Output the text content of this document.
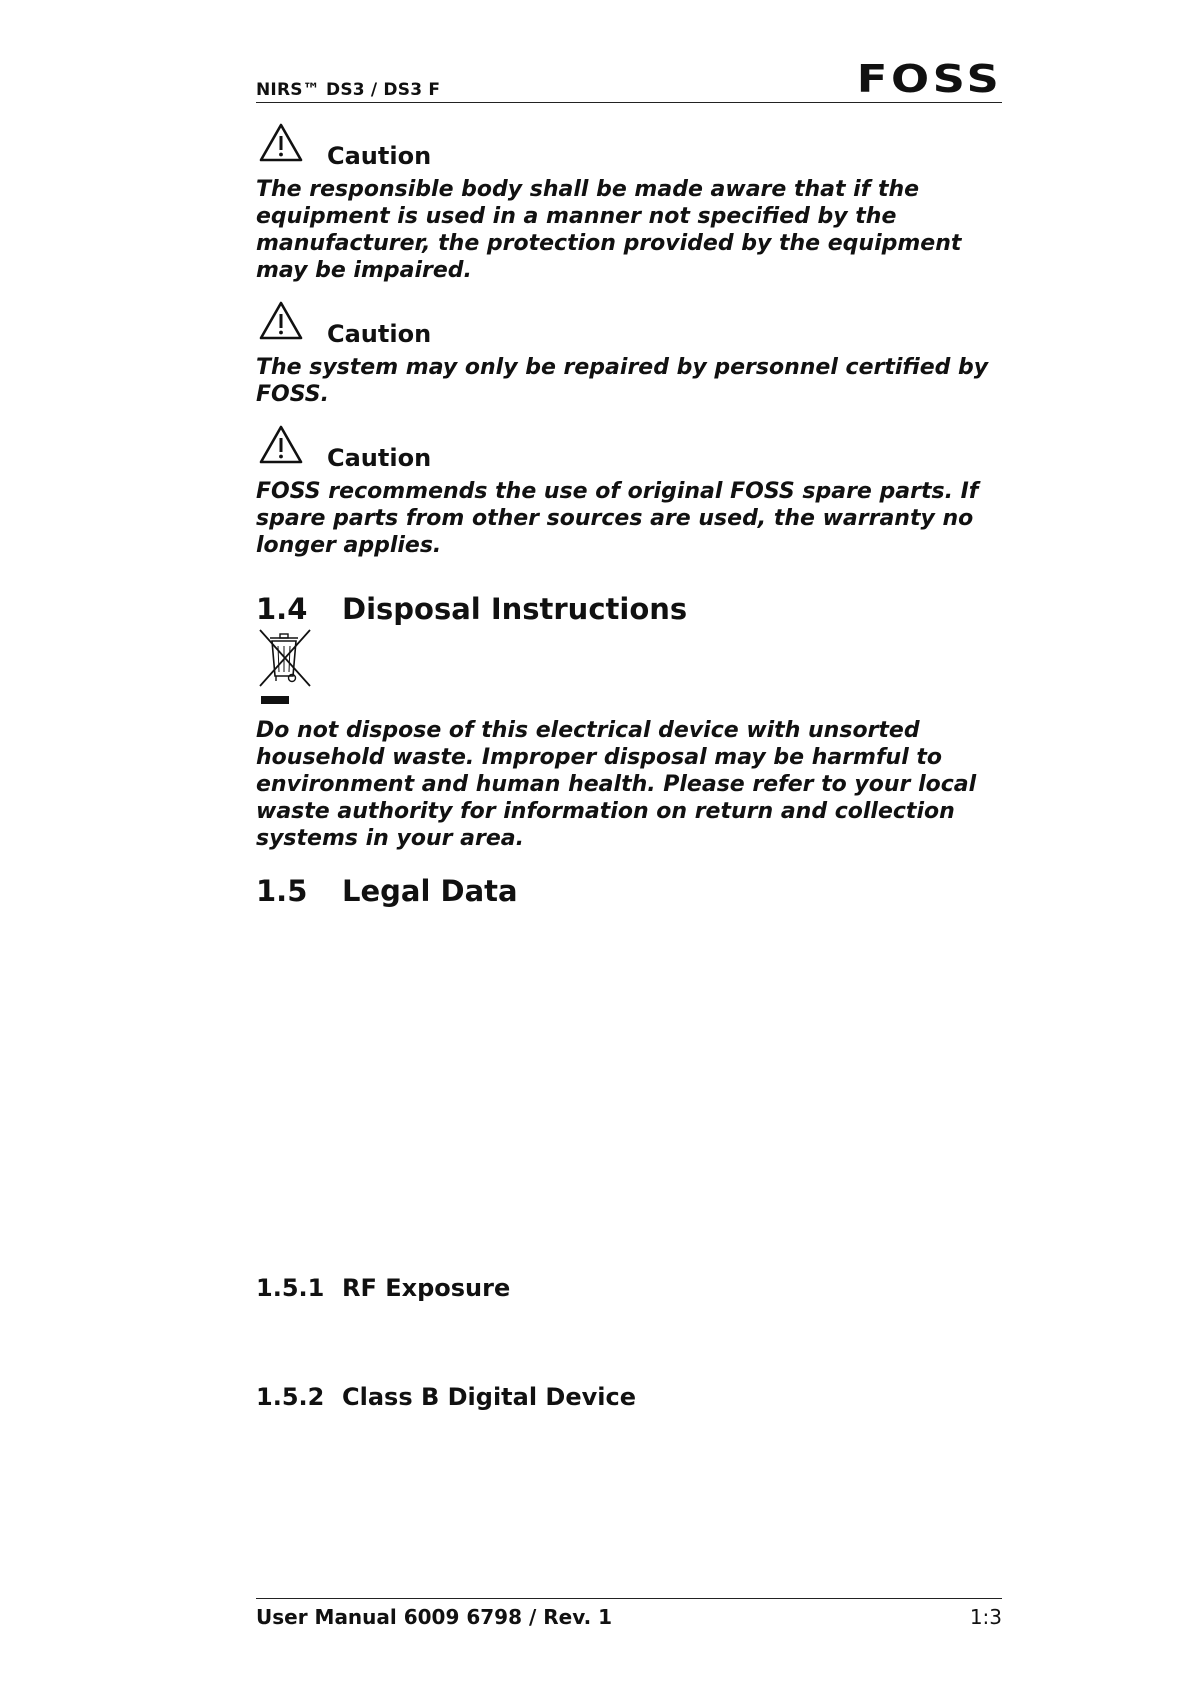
NIRS™ DS3 / DS3 F	FOSS
Caution
The responsible body shall be made aware that if the equipment is used in a manner not specified by the manufacturer, the protection provided by the equipment may be impaired.
Caution
The system may only be repaired by personnel certified by FOSS.
Caution
FOSS recommends the use of original FOSS spare parts. If spare parts from other sources are used, the warranty no longer applies.
1.4 Disposal Instructions
Do not dispose of this electrical device with unsorted household waste. Improper disposal may be harmful to environment and human health. Please refer to your local waste authority for information on return and collection systems in your area.
1.5 Legal Data
1.5.1 RF Exposure
1.5.2 Class B Digital Device
User Manual 6009 6798 / Rev. 1	1:3
